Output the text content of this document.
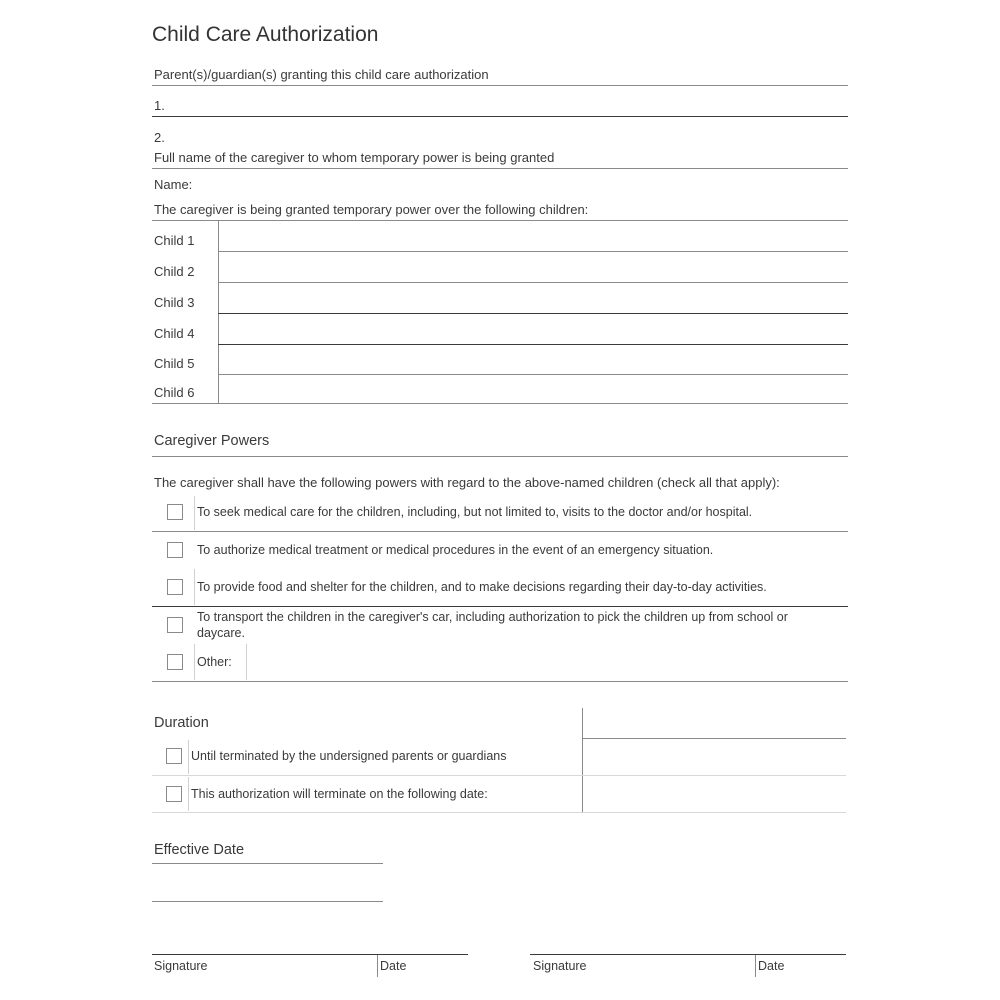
Child Care Authorization
Parent(s)/guardian(s) granting this child care authorization
1.
2.
Full name of the caregiver to whom temporary power is being granted
Name:
The caregiver is being granted temporary power over the following children:
Child 1
Child 2
Child 3
Child 4
Child 5
Child 6
Caregiver Powers
The caregiver shall have the following powers with regard to the above-named children (check all that apply):
To seek medical care for the children, including, but not limited to, visits to the doctor and/or hospital.
To authorize medical treatment or medical procedures in the event of an emergency situation.
To provide food and shelter for the children, and to make decisions regarding their day-to-day activities.
To transport the children in the caregiver's car, including authorization to pick the children up from school or
daycare.
Other:
Duration
Until terminated by the undersigned parents or guardians
This authorization will terminate on the following date:
Effective Date
Signature	Date	Signature	Date
